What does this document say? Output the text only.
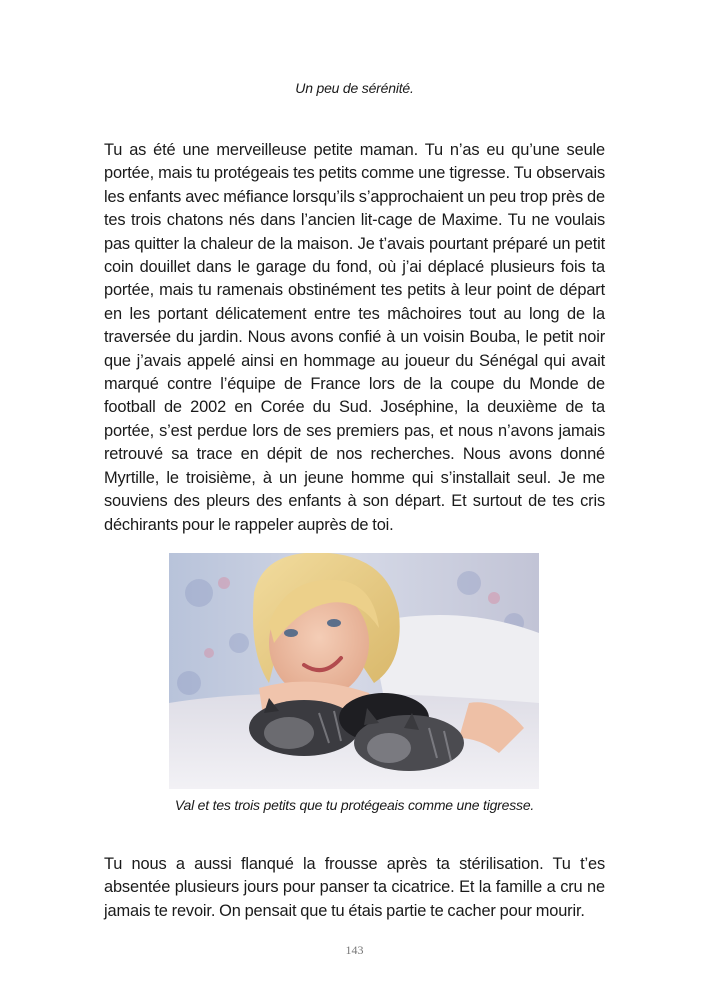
Un peu de sérénité.

Tu as été une merveilleuse petite maman. Tu n’as eu qu’une seule portée, mais tu protégeais tes petits comme une tigresse. Tu observais les enfants avec méfiance lorsqu’ils s’approchaient un peu trop près de tes trois chatons nés dans l’ancien lit-cage de Maxime. Tu ne voulais pas quitter la chaleur de la maison. Je t’avais pourtant préparé un petit coin douillet dans le garage du fond, où j’ai déplacé plusieurs fois ta portée, mais tu ramenais obstinément tes petits à leur point de départ en les portant délicatement entre tes mâchoires tout au long de la traversée du jardin. Nous avons confié à un voisin Bouba, le petit noir que j’avais appelé ainsi en hommage au joueur du Sénégal qui avait marqué contre l’équipe de France lors de la coupe du Monde de football de 2002 en Corée du Sud. Joséphine, la deuxième de ta portée, s’est perdue lors de ses premiers pas, et nous n’avons jamais retrouvé sa trace en dépit de nos recherches. Nous avons donné Myrtille, le troisième, à un jeune homme qui s’installait seul. Je me souviens des pleurs des enfants à son départ. Et surtout de tes cris déchirants pour le rappeler auprès de toi.

Val et tes trois petits que tu protégeais comme une tigresse.

Tu nous a aussi flanqué la frousse après ta stérilisation. Tu t’es absentée plusieurs jours pour panser ta cicatrice. Et la famille a cru ne jamais te revoir. On pensait que tu étais partie te cacher pour mourir.

143
